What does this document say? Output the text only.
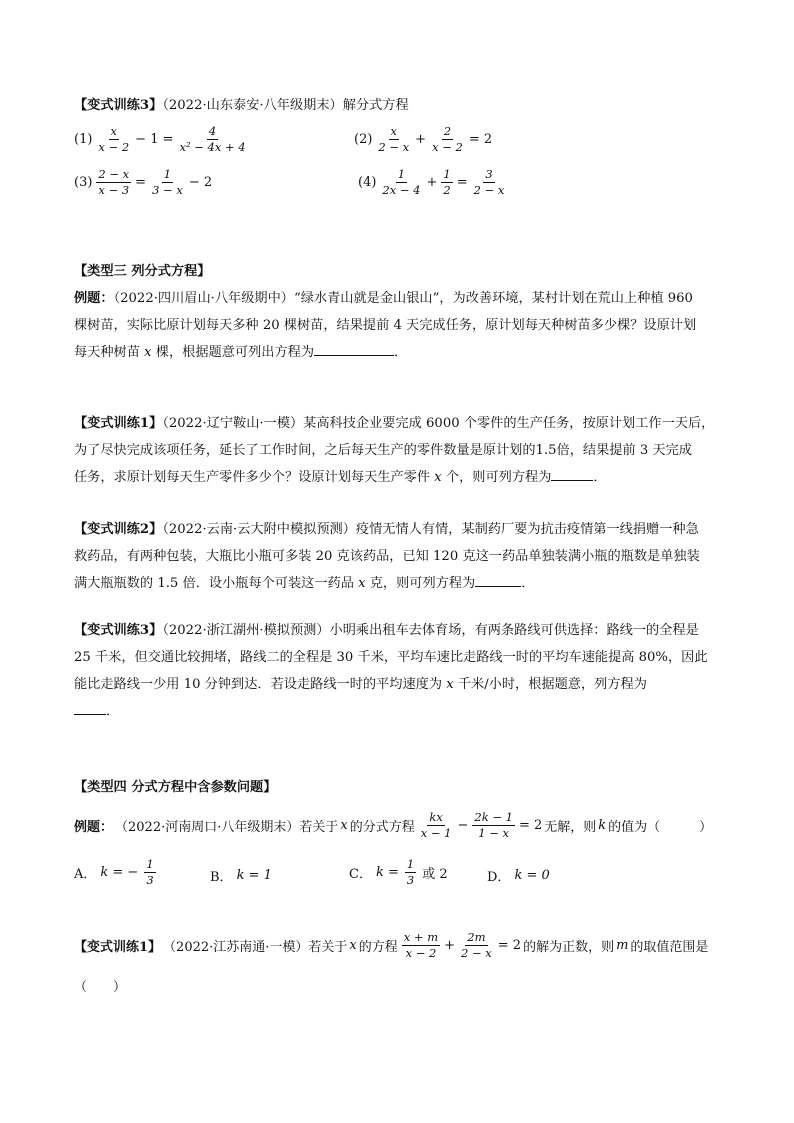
【变式训练3】（2022·山东泰安·八年级期末）解分式方程
$(1) \frac{x}{x - 2} - 1 = \frac{4}{\text{x² − 4x + 4}}$	$(2) \frac{x}{2 - x} + \frac{2}{x - 2} = 2$
$(3) \frac{2 - x}{x - 3} = \frac{1}{3 - x} - 2$	$(4) \frac{1}{2x - 4} + \frac{1}{2} = \frac{3}{2 - x}$
【类型三 列分式方程】
例题：（2022·四川眉山·八年级期中）“绿水青山就是金山银山”，为改善环境，某村计划在荒山上种植 960
棵树苗，实际比原计划每天多种 20 棵树苗，结果提前 4 天完成任务，原计划每天种树苗多少棵？设原计划
每天种树苗 x 棵，根据题意可列出方程为	．
【变式训练1】（2022·辽宁鞍山·一模）某高科技企业要完成 6000 个零件的生产任务，按原计划工作一天后，
为了尽快完成该项任务，延长了工作时间，之后每天生产的零件数量是原计划的1.5倍，结果提前 3 天完成
任务，求原计划每天生产零件多少个？设原计划每天生产零件 x 个，则可列方程为	．
【变式训练2】（2022·云南·云大附中模拟预测）疫情无情人有情，某制药厂要为抗击疫情第一线捐赠一种急
救药品，有两种包装，大瓶比小瓶可多装 20 克该药品，已知 120 克这一药品单独装满小瓶的瓶数是单独装
满大瓶瓶数的 1.5 倍．设小瓶每个可装这一药品 x 克，则可列方程为	．
【变式训练3】（2022·浙江湖州·模拟预测）小明乘出租车去体育场，有两条路线可供选择：路线一的全程是
25 千米，但交通比较拥堵，路线二的全程是 30 千米，平均车速比走路线一时的平均车速能提高 80%，因此
能比走路线一少用 10 分钟到达．若设走路线一时的平均速度为 x 千米/小时，根据题意，列方程为
．
【类型四 分式方程中含参数问题】
例题： （2022·河南周口·八年级期末）若关于 x 的分式方程 $\frac{kx}{x - 1} - \frac{2k - 1}{1 - x} = 2$ 无解，则 k 的值为（　　　）
A． k = − $\frac{1}{3}$	B． k = 1	C． $k = \frac{1}{3}$ 或 2	D． k = 0
【变式训练1】 （2022·江苏南通·一模）若关于 x 的方程 $\frac{x + m}{x - 2} + \frac{2m}{2 - x} = 2$ 的解为正数，则 m 的取值范围是
（　　）
